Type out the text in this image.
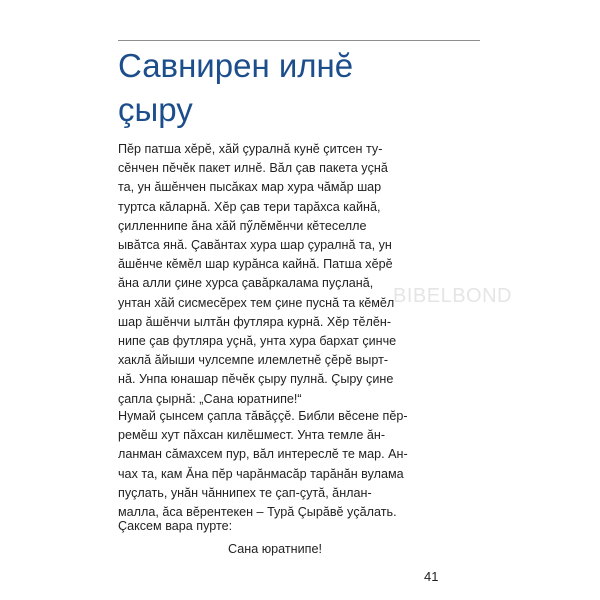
Савнирен илнĕ
çыру
BIBELBOND

Пĕр патша хĕрĕ, хăй çуралнă кунĕ çитсен ту-
сĕнчен пĕчĕк пакет илнĕ. Вăл çав пакета уçнă
та, ун ăшĕнчен пысăках мар хура чăмăр шар
туртса кăларнă. Хĕр çав тери тарăхса кайнă,
çилленнипе ăна хăй пӳлĕмĕнчи кĕтеселле
ывăтса янă. Çавăнтах хура шар çуралнă та, ун
ăшĕнче кĕмĕл шар курăнса кайнă. Патша хĕрĕ
ăна алли çине хурса çавăркалама пуçланă,
унтан хăй сисмесĕрех тем çине пуснă та кĕмĕл
шар ăшĕнчи ылтăн футляра курнă. Хĕр тĕлĕн-
нипе çав футляра уçнă, унта хура бархат çинче
хаклă ăйыши чулсемпе илемлетнĕ çĕрĕ вырт-
нă. Унпа юнашар пĕчĕк çыру пулнă. Çыру çине
çапла çырнă: „Сана юратнипе!“

Нумай çынсем çапла тăвăççĕ. Библи вĕсене пĕр-
ремĕш хут пăхсан килĕшмест. Унта темле ăн-
ланман сăмахсем пур, вăл интереслĕ те мар. Ан-
чах та, кам Ăна пĕр чарăнмасăр тарăнăн вулама
пуçлать, унăн чăннипех те çап-çутă, ăнлан-
малла, ăса вĕрентекен – Турă Çырăвĕ уçăлать.

Çаксем вара пурте:

Сана юратнипе!

41
